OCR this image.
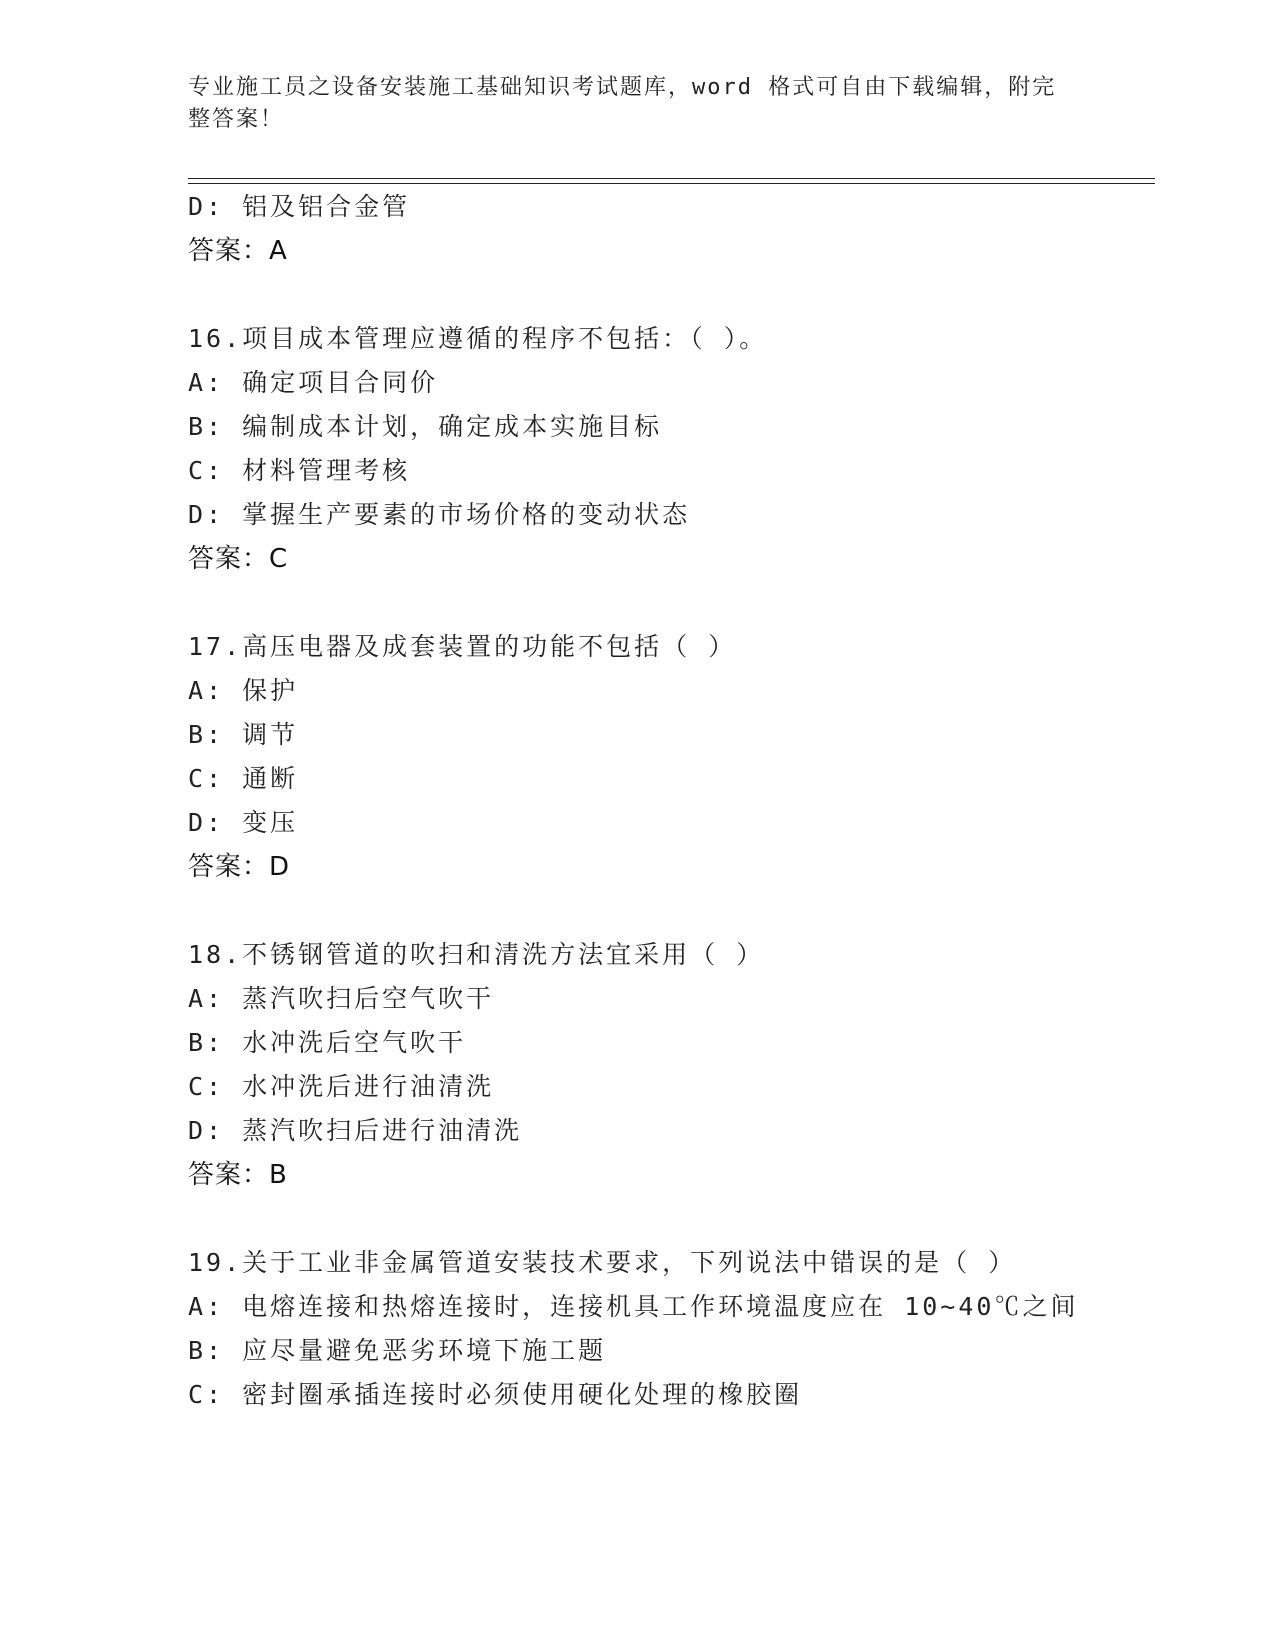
专业施工员之设备安装施工基础知识考试题库，word 格式可自由下载编辑，附完整答案！
D: 铝及铝合金管
答案：A
16.项目成本管理应遵循的程序不包括：（ ）。
A: 确定项目合同价
B: 编制成本计划，确定成本实施目标
C: 材料管理考核
D: 掌握生产要素的市场价格的变动状态
答案：C
17.高压电器及成套装置的功能不包括（ ）
A: 保护
B: 调节
C: 通断
D: 变压
答案：D
18.不锈钢管道的吹扫和清洗方法宜采用（ ）
A: 蒸汽吹扫后空气吹干
B: 水冲洗后空气吹干
C: 水冲洗后进行油清洗
D: 蒸汽吹扫后进行油清洗
答案：B
19.关于工业非金属管道安装技术要求，下列说法中错误的是（ ）
A: 电熔连接和热熔连接时，连接机具工作环境温度应在 10~40℃之间
B: 应尽量避免恶劣环境下施工题
C: 密封圈承插连接时必须使用硬化处理的橡胶圈
